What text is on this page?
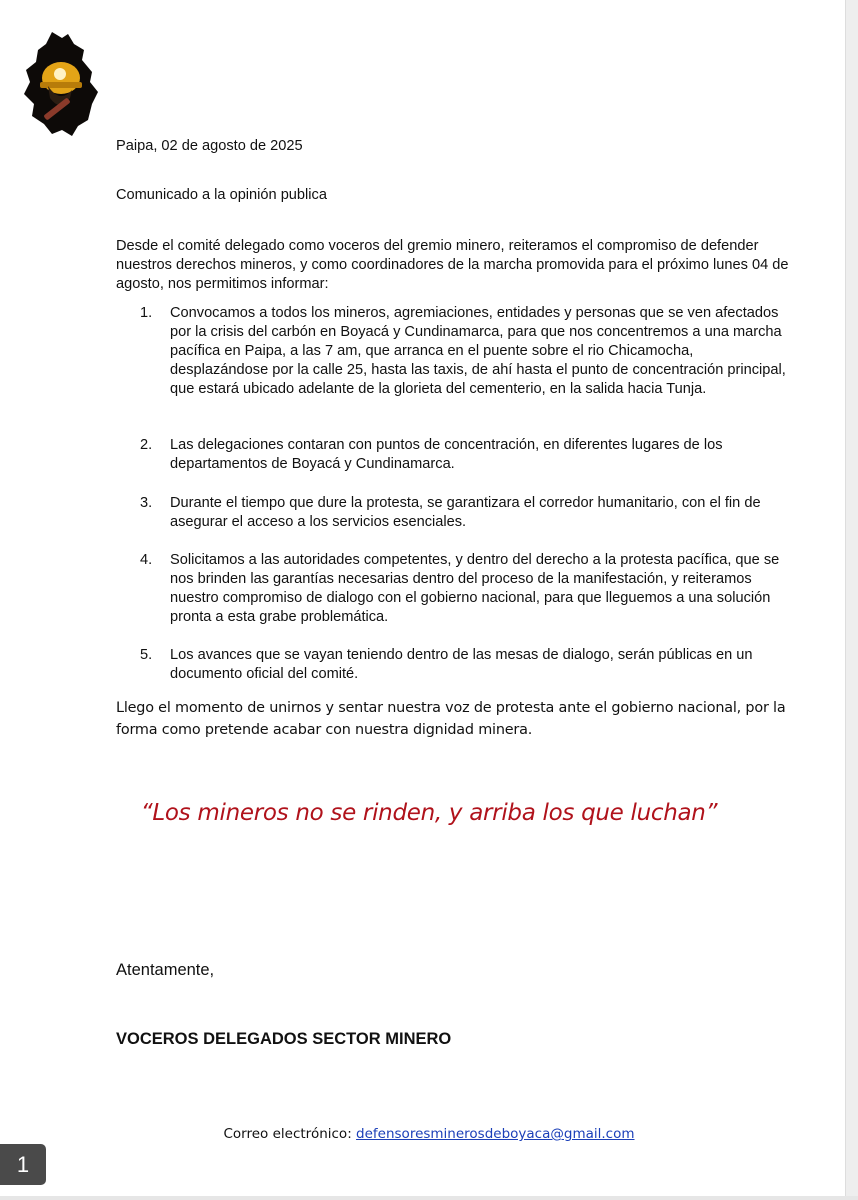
Paipa, 02 de agosto de 2025
Comunicado a la opinión publica
Desde el comité delegado como voceros del gremio minero, reiteramos el compromiso de defender nuestros derechos mineros, y como coordinadores de la marcha promovida para el próximo lunes 04 de agosto, nos permitimos informar:
1.	Convocamos a todos los mineros, agremiaciones, entidades y personas que se ven afectados por la crisis del carbón en Boyacá y Cundinamarca, para que nos concentremos a una marcha pacífica en Paipa, a las 7 am, que arranca en el puente sobre el rio Chicamocha, desplazándose por la calle 25, hasta las taxis, de ahí hasta el punto de concentración principal, que estará ubicado adelante de la glorieta del cementerio, en la salida hacia Tunja.
2.	Las delegaciones contaran con puntos de concentración, en diferentes lugares de los departamentos de Boyacá y Cundinamarca.
3.	Durante el tiempo que dure la protesta, se garantizara el corredor humanitario, con el fin de asegurar el acceso a los servicios esenciales.
4.	Solicitamos a las autoridades competentes, y dentro del derecho a la protesta pacífica, que se nos brinden las garantías necesarias dentro del proceso de la manifestación, y reiteramos nuestro compromiso de dialogo con el gobierno nacional, para que lleguemos a una solución pronta a esta grabe problemática.
5.	Los avances que se vayan teniendo dentro de las mesas de dialogo, serán públicas en un documento oficial del comité.
Llego el momento de unirnos y sentar nuestra voz de protesta ante el gobierno nacional, por la forma como pretende acabar con nuestra dignidad minera.
“Los mineros no se rinden, y arriba los que luchan”
Atentamente,
VOCEROS DELEGADOS SECTOR MINERO
Correo electrónico: defensoresminerosdeboyaca@gmail.com
1
